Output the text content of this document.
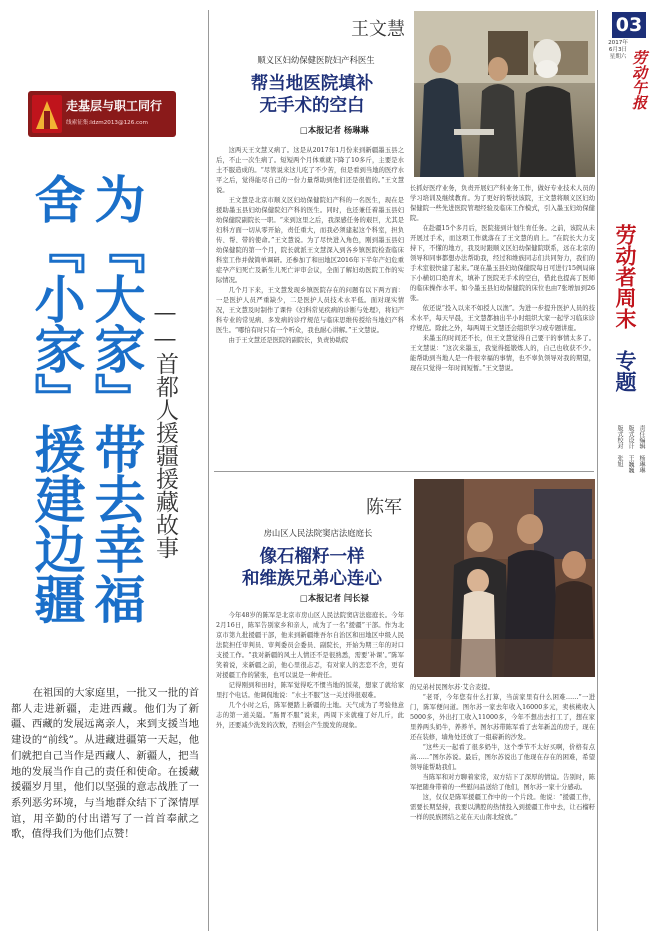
走基层与职工同行
线索征集:ldzm2013@126.com
为『大家』带去幸福
舍『小家』援建边疆	——首都人援疆援藏故事
在祖国的大家庭里，一批又一批的首都人走进新疆，走进西藏。他们为了新疆、西藏的发展远离亲人，来到支援当地建设的“前线”。从进藏进疆第一天起，他们就把自己当作是西藏人、新疆人，把当地的发展当作自己的责任和使命。在援藏援疆岁月里，他们以坚强的意志战胜了一系列恶劣环境，与当地群众结下了深情厚谊，用辛勤的付出谱写了一首首奉献之歌，值得我们为他们点赞！
王文慧
顺义区妇幼保健医院妇产科医生
帮当地医院填补
无手术的空白
□本报记者 杨琳琳

这两天王文慧又病了。这是从2017年1月份来到新疆墨玉县之后，不止一次生病了。短短两个月体重就下降了10多斤，主要是水土不服造成的。“尽管说来这儿吃了不少苦，但是看到当地的医疗水平之后，觉得能尽自己的一份力量帮助到他们还是很值的。”王文慧说。

王文慧是北京市顺义区妇幼保健院妇产科的一名医生，现在是援助墨玉县妇幼保健院妇产科的医生。同时，也还兼任着墨玉县妇幼保健院副院长一职。“来到这里之后，我深感任务的艰巨，尤其是妇科方面一切从零开始，责任重大，而我必须建起这个科室，担负传、帮、带的使命。”王文慧说。为了尽快进入角色，刚到墨玉县妇幼保健院的第一个月，院长就派王文慧深入到各乡镇医院检查临床科室工作并做简单调研。还参加了和田地区2016年下半年产妇危重症孕产妇死亡及新生儿死亡评审会议，全面了解妇幼医院工作的实际情况。

几个月下来，王文慧发现乡镇医院存在的问题有以下两方面：一是医护人员严重缺少，二是医护人员技术水平低。面对现实情况，王文慧及时制作了课件《妇科常见疾病的诊断与处理》，将妇产科专业的常见病、多发病的诊疗规范与临床思维传授给当地妇产科医生。“哪怕有时只有一个听众，我也耐心讲解。”王文慧说。

由于王文慧还是医院的副院长，负责协助院

长抓好医疗业务，负责开展妇产科业务工作，做好专业技术人员的学习培训及继续教育。为了更好的帮扶该院，王文慧将顺义区妇幼保健院一些先进医院管理经验及临床工作模式，引入墨玉妇幼保健院。

在赴疆15个多月后，医院接到计划生育任务。之前，该院从未开展过手术，而这项工作就落在了王文慧的肩上。“在院长大力支持下，不懂的地方，我及时跟顺义区妇幼保健院联系，远在北京的领导和同事都想办法帮助我，经过和维族同志们共同努力，我们的手术室很快建了起来。”现在墨玉县妇幼保健院每日可进行15例局麻下小横切口绝育术，填补了医院无手术的空白，借此也提高了医师的临床操作水平。如今墨玉县妇幼保健院的床位也由7张增加到26张。

依还说“投入以来不如授人以渔”。为进一步提升医护人员的技术水平，每天早晨，王文慧都抽出半小时组织大家一起学习临床诊疗规范。除此之外，每两周王文慧还会组织学习或专题讲座。

来墨玉的时间还不长，但王文慧觉得自己要干的事情太多了。王文慧说：“这次来墨玉，我觉得挺锻炼人的，自己也收获不少。能帮助到当地人是一件很幸福的事情，也不辜负领导对我的期望，现在只觉得一年时间短暂。”王文慧说。

陈军
房山区人民法院窦店法庭庭长
像石榴籽一样
和维族兄弟心连心
□本报记者 闫长禄

今年48岁的陈军是北京市房山区人民法院窦店法庭庭长。今年2月16日，陈军告别家乡和亲人，成为了一名“援疆”干部。作为北京市第九批援疆干部，他来到新疆维吾尔自治区和田地区中级人民法院担任审判员、审判委员会委员、副院长，开始为期三年的对口支援工作。“我对新疆的风土人情还不是很熟悉，需要‘补课’。”陈军笑着说，来新疆之前，他心里很忐忑，有对家人的恋恋不舍，更有对援疆工作的紧张，也可以说是一种责任。

记得刚到和田时，陈军觉得吃不惯当地的饭菜，想家了就给家里打个电话。他调侃地说：“水土不服”这一关过得很艰难。

几个小时之后，陈军便踏上新疆的土地。天气成为了考验他意志的第一道关隘。“肠胃不服”说来，两周下来就瘦了好几斤，此外，还要减少洗发的次数，否则会产生脱发的现象。

的兄弟村民图尔苏·艾合麦提。

“老哥，今年您有什么打算，当前家里有什么困难……”一进门，陈军便问道。图尔苏一家去年收入16000多元，卖核桃收入5000多，外出打工收入11000多，今年不想出去打工了，想在家里养两头奶牛，养养羊。图尔苏带陈军看了去年新盖的房子，现在还在装修，墙角处还放了一组崭新的沙发。

“这些天一起看了很多奶牛，这个季节不太好买啊，价格有点高……”图尔苏说。最后，图尔苏说出了他现在存在的困难，希望领导能帮助我们。

当陈军和对方聊着家常，双方结下了深厚的情谊。告别时，陈军把随身带着的一些慰问品送给了他们，图尔苏一家十分感动。

这，仅仅是陈军援疆工作中的一个片段。他说：“援疆工作，需要长期坚持，我要以满腔的热情投入到援疆工作中去，让石榴籽一样的民族团结之花在天山南北绽放。”

03
2017年
6月3日
星期六 劳动午报
劳动者周末
专题
责任编辑
杨琳琳
版式设计
王巍巍
版式校对
张旭
